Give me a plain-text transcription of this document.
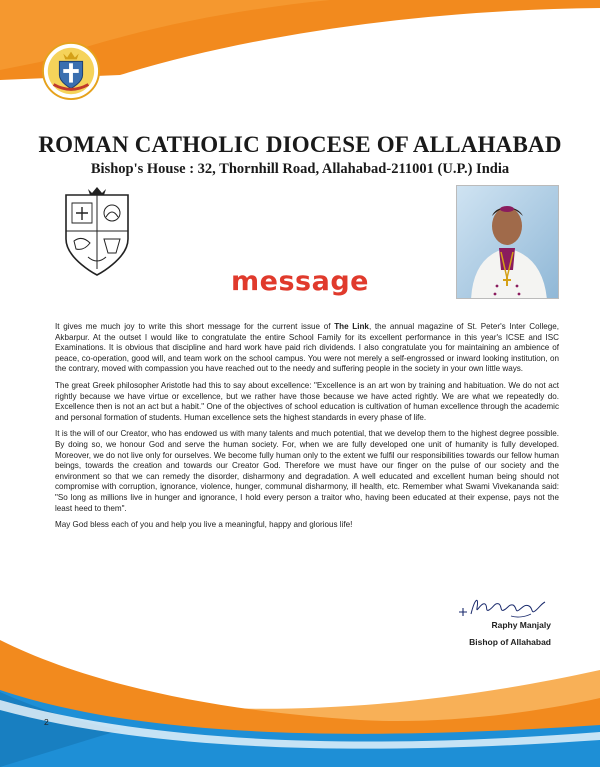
ROMAN CATHOLIC DIOCESE OF ALLAHABAD
Bishop's House : 32, Thornhill Road, Allahabad-211001 (U.P.) India
message

It gives me much joy to write this short message for the current issue of The Link, the annual magazine of St. Peter's Inter College, Akbarpur. At the outset I would like to congratulate the entire School Family for its excellent performance in this year's ICSE and ISC Examinations. It is obvious that discipline and hard work have paid rich dividends. I also congratulate you for maintaining an ambience of peace, co-operation, good will, and team work on the school campus. You were not merely a self-engrossed or inward looking institution, on the contrary, moved with compassion you have reached out to the needy and suffering people in the society in your own little ways.

The great Greek philosopher Aristotle had this to say about excellence: "Excellence is an art won by training and habituation. We do not act rightly because we have virtue or excellence, but we rather have those because we have acted rightly. We are what we repeatedly do. Excellence then is not an act but a habit." One of the objectives of school education is cultivation of human excellence through the academic and personal formation of students. Human excellence sets the highest standards in every phase of life.

It is the will of our Creator, who has endowed us with many talents and much potential, that we develop them to the highest degree possible. By doing so, we honour God and serve the human society. For, when we are fully developed one unit of humanity is fully developed. Moreover, we do not live only for ourselves. We become fully human only to the extent we fulfil our responsibilities towards our fellow human beings, towards the creation and towards our Creator God. Therefore we must have our finger on the pulse of our society and the environment so that we can remedy the disorder, disharmony and degradation. A well educated and excellent human being should not compromise with corruption, ignorance, violence, hunger, communal disharmony, ill health, etc. Remember what Swami Vivekananda said: "So long as millions live in hunger and ignorance, I hold every person a traitor who, having been educated at their expense, pays not the least heed to them".

May God bless each of you and help you live a meaningful, happy and glorious life!

Raphy Manjaly
Bishop of Allahabad
2
